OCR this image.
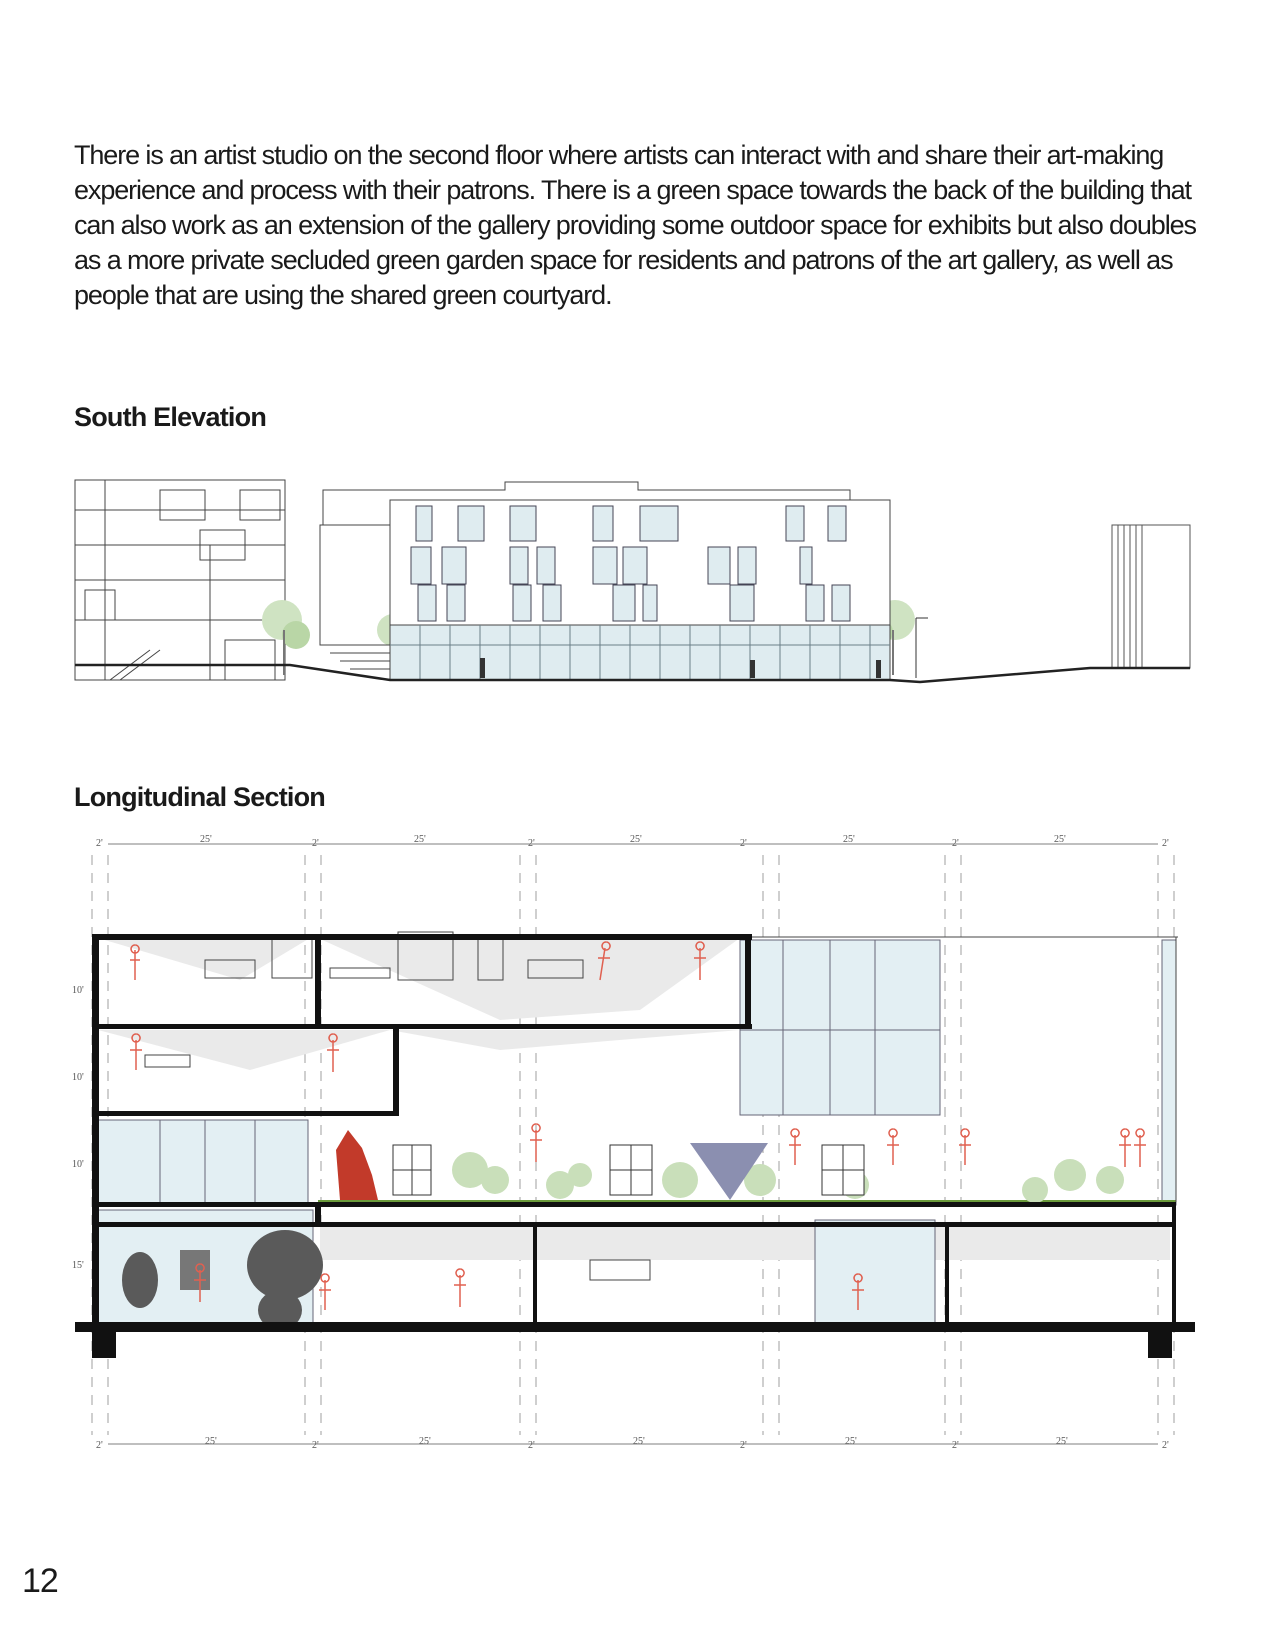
There is an artist studio on the second floor where artists can interact with and share their art-making experience and process with their patrons. There is a green space towards the back of the building that can also work as an extension of the gallery providing some outdoor space for exhibits but also doubles as a more private secluded green garden space for residents and patrons of the art gallery, as well as people that are using the shared green courtyard.

South Elevation
Longitudinal Section
2'	25'	2'	25'	2'	25'	2'	25'	2'	25'	2'
2'	25'	2'	25'	2'	25'	2'	25'	2'	25'	2'
10'
10'
10'
15'
12
